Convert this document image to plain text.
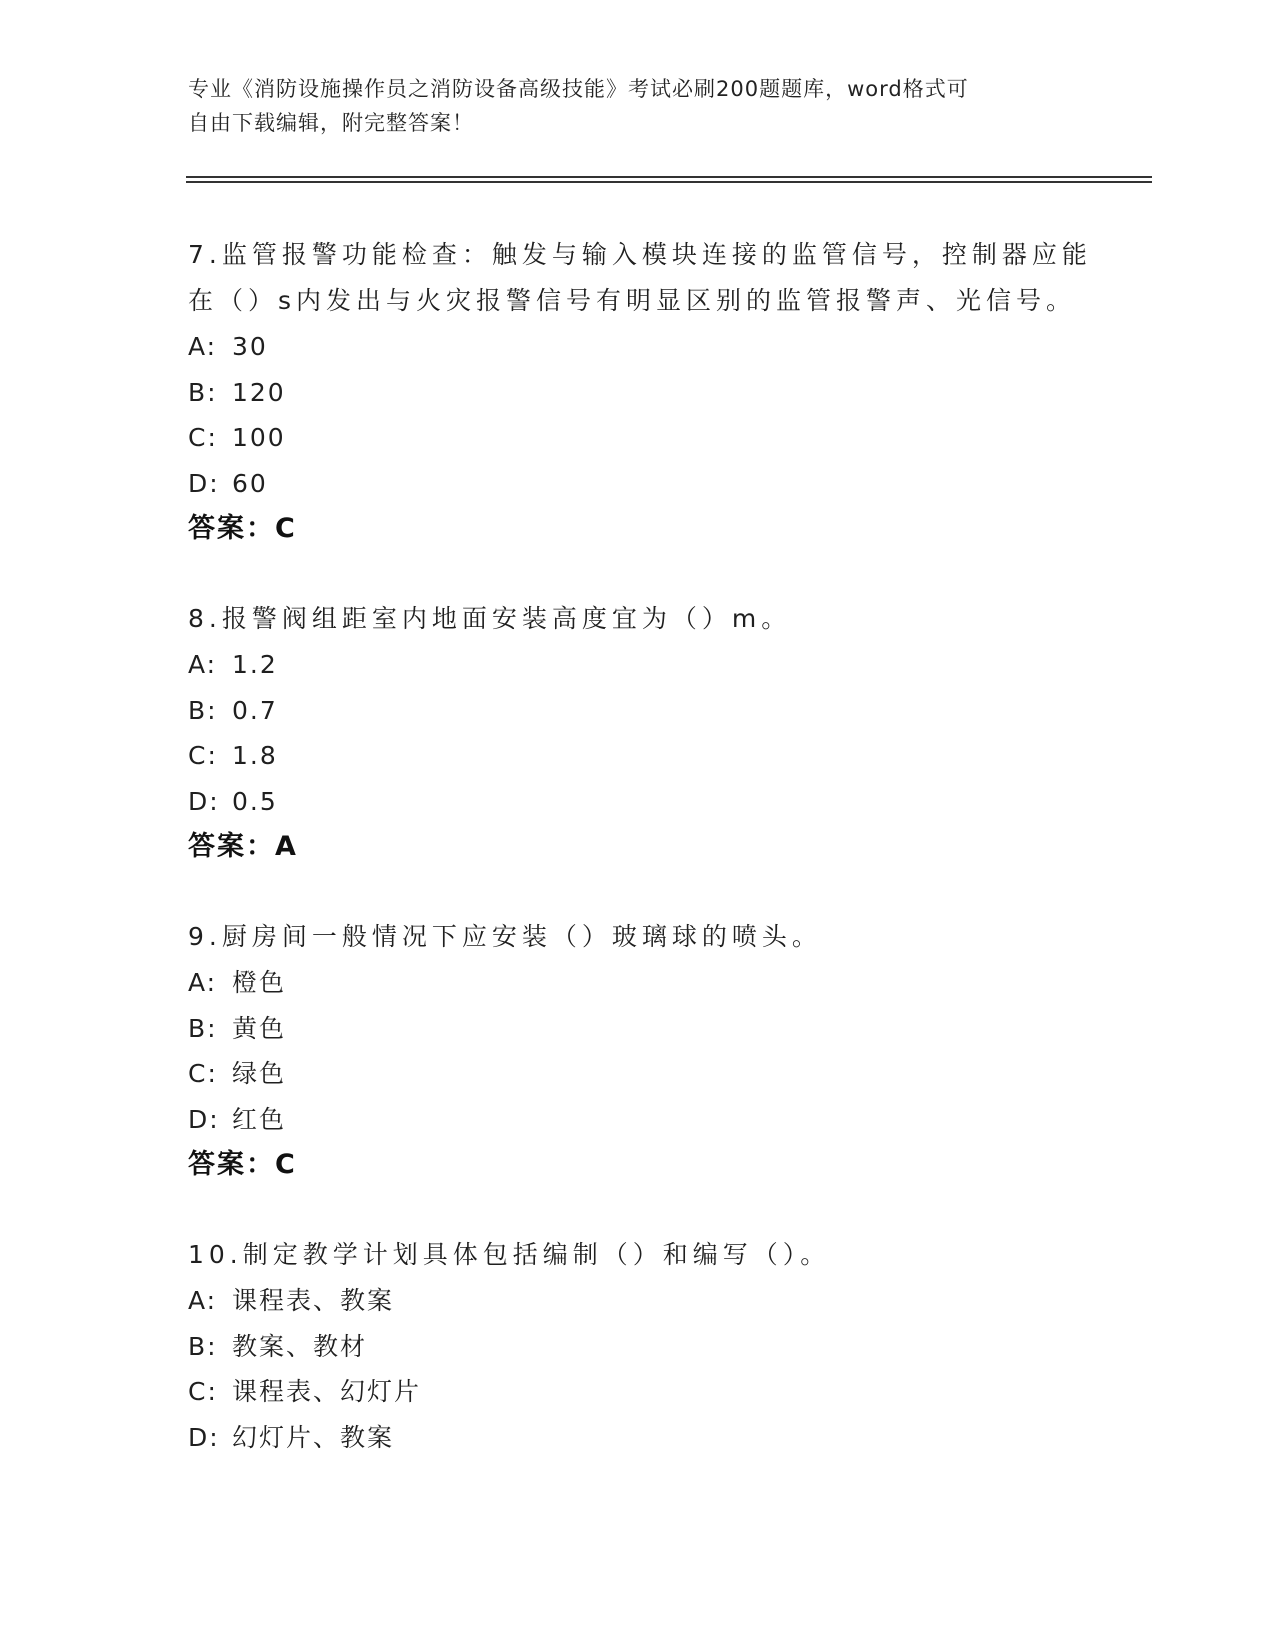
专业《消防设施操作员之消防设备高级技能》考试必刷200题题库，word格式可
自由下载编辑，附完整答案！
7.监管报警功能检查：触发与输入模块连接的监管信号，控制器应能
在（）s内发出与火灾报警信号有明显区别的监管报警声、光信号。
A: 30
B: 120
C: 100
D: 60
答案：C
8.报警阀组距室内地面安装高度宜为（）m。
A: 1.2
B: 0.7
C: 1.8
D: 0.5
答案：A
9.厨房间一般情况下应安装（）玻璃球的喷头。
A: 橙色
B: 黄色
C: 绿色
D: 红色
答案：C
10.制定教学计划具体包括编制（）和编写（）。
A: 课程表、教案
B: 教案、教材
C: 课程表、幻灯片
D: 幻灯片、教案
